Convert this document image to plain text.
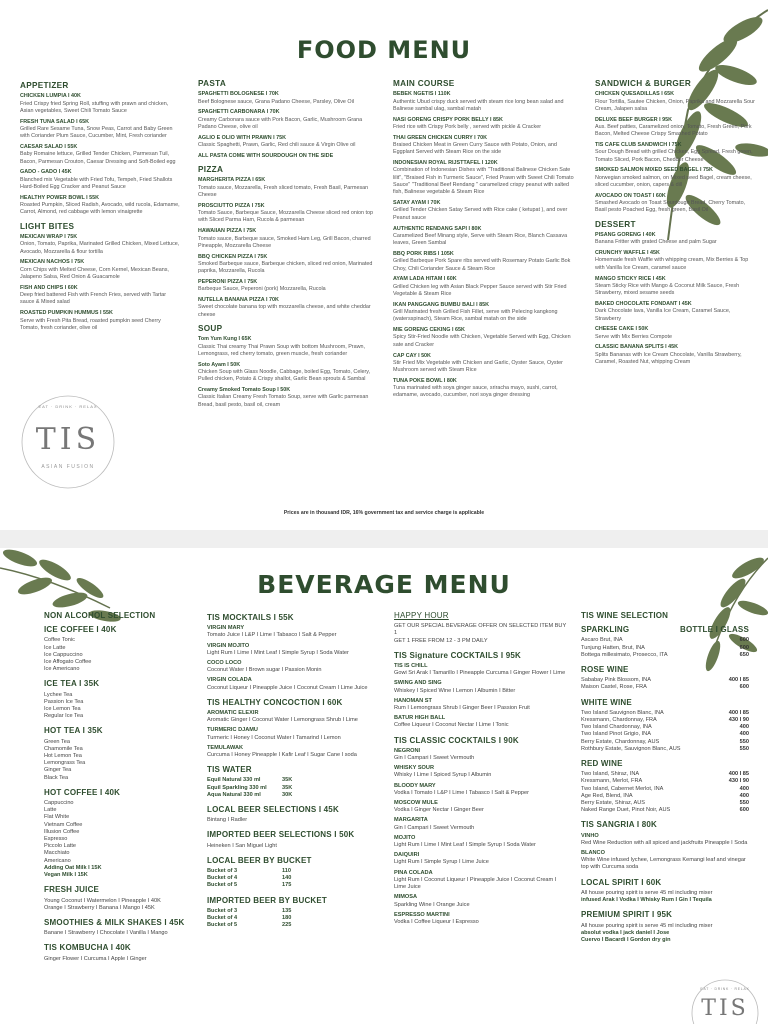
FOOD MENU
APPETIZER
CHICKEN LUMPIA I 40K
Fried Crispy fried Spring Roll, stuffing with prawn and chicken, Asian vegetables, Sweet Chili Tomato Sauce
FRESH TUNA SALAD I 65K
Grilled Rare Sesame Tuna, Snow Peas, Carrot and Baby Green with Coriander Plum Sauce, Cucumber, Mint, Fresh coriander
CAESAR SALAD I 55K
Baby Romaine lettuce, Grilled Tender Chicken, Parmesan Tuil, Bacon, Parmesan Crouton, Caesar Dressing and Soft-Boiled egg
GADO - GADO I 45K
Blanched mix Vegetable with Fried Tofu, Tempeh, Fried Shallots Hard-Boiled Egg Cracker and Peanut Sauce
HEALTHY POWER BOWL I 55K
Roasted Pumpkin, Sliced Radish, Avocado, wild rucola, Edamame, Carrot, Almond, red cabbage with lemon vinaigrette
LIGHT BITES
MEXICAN WRAP I 75K
Onion, Tomato, Paprika, Marinated Grilled Chicken, Mixed Lettuce, Avocado, Mozzarella & flour tortilla
MEXICAN NACHOS I 75K
Corn Chips with Melted Cheese, Corn Kernel, Mexican Beans, Jalapeno Salsa, Red Onion & Guacamole
FISH AND CHIPS I 60K
Deep fried battered Fish with French Fries, served with Tartar sauce & Mixed salad
ROASTED PUMPKIN HUMMUS I 55K
Serve with Fresh Pita Bread, roasted pumpkin seed Cherry Tomato, fresh coriander, olive oil
PASTA
SPAGHETTI BOLOGNESE I 70K
Beef Bolognese sauce, Grana Padano Cheese, Parsley, Olive Oil
SPAGHETTI CARBONARA I 70K
Creamy Carbonara sauce with Pork Bacon, Garlic, Mushroom Grana Padano Cheese, olive oil
AGLIO E OLIO WITH PRAWN I 75K
Classic Spaghetti, Prawn, Garlic, Red chili sauce & Virgin Olive oil
ALL PASTA COME WITH SOURDOUGH ON THE SIDE
PIZZA
MARGHERITA PIZZA I 65K
Tomato sauce, Mozzarella, Fresh sliced tomato, Fresh Basil, Parmesan Cheese
PROSCIUTTO PIZZA I 75K
Tomato Sauce, Barbeque Sauce, Mozzarella Cheese sliced red onion top with Sliced Parma Ham, Rucola & parmesan
HAWAIIAN PIZZA I 75K
Tomato sauce, Barbeque sauce, Smoked Ham Leg, Grill Bacon, charred Pineapple, Mozzarella Cheese
BBQ CHICKEN PIZZA I 75K
Smoked Barbeque sauce, Barbeque chicken, sliced red onion, Marinated paprika, Mozzarella, Rucola
PEPERONI PIZZA I 75K
Barbeque Sauce, Peperoni (pork) Mozzarella, Rucola
NUTELLA BANANA PIZZA I 70K
Sweet chocolate banana top with mozzarella cheese, and white cheddar cheese
SOUP
Tom Yum Kung I 65K
Classic Thai creamy Thai Prawn Soup with bottom Mushroom, Prawn, Lemongrass, red cherry tomato, green muscle, fresh coriander
Soto Ayam I 50K
Chicken Soup with Glass Noodle, Cabbage, boiled Egg, Tomato, Celery, Pulled chicken, Potato & Crispy shallot, Garlic Bean sprouts & Sambal
Creamy Smoked Tomato Soup I 50K
Classic Italian Creamy Fresh Tomato Soup, serve with Garlic parmesan Bread, basil pesto, basil oil, cream
MAIN COURSE
BEBEK NGETIS I 110K
Authentic Ubud crispy duck served with steam rice long bean salad and Balinese sambal ulag, sambal matah
NASI GORENG CRISPY PORK BELLY I 85K
Fried rice with Crispy Pork belly , served with pickle & Cracker
THAI GREEN CHICKEN CURRY I 70K
Braised Chicken Meat in Green Curry Sauce with Potato, Onion, and Eggplant Served with Steam Rice on the side
INDONESIAN ROYAL RIJSTTAFEL I 120K
Combination of Indonesian Dishes with "Traditional Balinese Chicken Sate lilit", "Braised Fish in Turmeric Sauce", Fried Prawn with Sweet Chili Tomato Sauce" "Traditional Beef Rendang " caramelized crispy peanut with salted fish, Balinese vegetable & Steam Rice
SATAY AYAM I 70K
Grilled Tender Chicken Satay Served with Rice cake ( ketupat ), and over Peanut sauce
AUTHENTIC RENDANG SAPI I 80K
Caramelized Beef Minang style, Serve with Steam Rice, Blanch Cassava leaves, Green Sambal
BBQ PORK RIBS I 105K
Grilled Barbeque Pork Spare ribs served with Rosemary Potato Garlic Bok Choy, Chili Coriander Sauce & Steam Rice
AYAM LADA HITAM I 60K
Grilled Chicken leg with Asian Black Pepper Sauce served with Stir Fried Vegetable & Steam Rice
IKAN PANGGANG BUMBU BALI I 85K
Grill Marinated fresh Grilled Fish Fillet, serve with Pelecing kangkong (watersspinach), Steam Rice, sambal matah on the side
MIE GORENG CEKING I 65K
Spicy Stir-Fried Noodle with Chicken, Vegetable Served with Egg, Chicken sate and Cracker
CAP CAY I 50K
Stir Fried Mix Vegetable with Chicken and Garlic, Oyster Sauce, Oyster Mushroom served with Steam Rice
TUNA POKE BOWL I 80K
Tuna marinated with soya ginger sauce, sriracha mayo, sushi, carrot, edamame, avocado, cucumber, nori soya ginger dressing
SANDWICH & BURGER
CHICKEN QUESADILLAS I 65K
Flour Tortilla, Sautee Chicken, Onion, Paprika and Mozzarella Sour Cream, Jalapen salsa
DELUXE BEEF BURGER I 95K
Aus. Beef patties, Caramelized onion, Tomato, Fresh Green, Pork Bacon, Melted Cheese Crispy Smashed Potato
TIS CAFE CLUB SANDWICH I 75K
Sour Dough Bread with grilled Chicken, Egg Spread, Fresh green, Tomato Sliced, Pork Bacon, Chedder Cheese
SMOKED SALMON MIXED SEED BAGEL I 75K
Norwegian smoked salmon, on Mixed seed Bagel, cream cheese, sliced cucumber, onion, capers & dill
AVOCADO ON TOAST I 60K
Smashed Avocado on Toast Sourdough Bread, Cherry Tomato, Basil pesto Poached Egg, fresh green, Basil Oil
DESSERT
PISANG GORENG I 40K
Banana Fritter with grated Cheese and palm Sugar
CRUNCHY WAFFLE I 45K
Homemade fresh Waffle with whipping cream, Mix Berries & Top with Vanilla Ice Cream, caramel sauce
MANGO STICKY RICE I 45K
Steam Sticky Rice with Mango & Coconut Milk Sauce, Fresh Strawberry, mixed sesame seeds
BAKED CHOCOLATE FONDANT I 45K
Dark Chocolate lava, Vanilla Ice Cream, Caramel Sauce, Strawberry
CHEESE CAKE I 50K
Serve with Mix Berries Compote
CLASSIC BANANA SPLITS I 45K
Splits Bananas with Ice Cream Chocolate, Vanilla Strawberry, Caramel, Roasted Nut, whipping Cream
EAT · DRINK · RELAX
TIS
ASIAN FUSION
Prices are in thousand IDR, 16% government tax and service charge is applicable
BEVERAGE MENU
NON ALCOHOL SELECTION
ICE COFFEE I 40K
Coffee Tonic
Ice Latte
Ice Cappuccino
Ice Affogato Coffee
Ice Americano
ICE TEA I 35K
Lychee Tea
Passion Ice Tea
Ice Lemon Tea
Regular Ice Tea
HOT TEA I 35K
Green Tea
Chamomile Tea
Hot Lemon Tea
Lemongrass Tea
Ginger Tea
Black Tea
HOT COFFEE I 40K
Cappuccino
Latte
Flat White
Vietnam Coffee
Illusion Coffee
Espresso
Piccolo Latte
Macchiato
Americano
Adding Oat Milk I 15K
Vegan Milk I 15K
FRESH JUICE
Young Coconut I Watermelon I Pineapple I 40K
Orange I Strawberry I Banana I Mango I 45K
SMOOTHIES & MILK SHAKES I 45K
Banane I Strawberry I Chocolate I Vanilla I Mango
TIS KOMBUCHA I 40K
Ginger Flower I Curcuma I Apple I Ginger
TIS MOCKTAILS I 55K
VIRGIN MARY
Tomato Juice I L&P I Lime I Tabasco I Salt & Pepper
VIRGIN MOJITO
Light Rum I Lime I Mint Leaf I Simple Syrup I Soda Water
COCO LOCO
Coconut Water I Brown sugar I Passion Monin
VIRGIN COLADA
Coconut Liqueur I Pineapple Juice I Coconut Cream I Lime Juice
TIS HEALTHY CONCOCTION I 60K
AROMATIC ELEXIR
Aromatic Ginger I Coconut Water I Lemongrass Shrub I Lime
TURMERIC DJAMU
Turmeric I Honey I Coconut Water I Tamarind I Lemon
TEMULAWAK
Curcuma I Honey Pineapple I Kafir Leaf I Sugar Cane I soda
TIS WATER
Equil Natural 330 ml	35K
Equil Sparkling 330 ml	35K
Aqua Natural 330 ml	30K
LOCAL BEER SELECTIONS I 45K
Bintang I Radler
IMPORTED BEER SELECTIONS I 50K
Heineken I San Miguel Light
LOCAL BEER BY BUCKET
Bucket of 3	110
Bucket of 4	140
Bucket of 5	175
IMPORTED BEER BY BUCKET
Bucket of 3	135
Bucket of 4	180
Bucket of 5	225
HAPPY HOUR
GET OUR SPECIAL BEVERAGE OFFER ON SELECTED ITEM BUY 1
GET 1 FREE FROM 12 - 3 PM DAILY
TIS Signature COCKTAILS I 95K
TIS IS CHILL
Gowi Sri Arak I Tamarillo I Pineapple Curcuma I Ginger Flower I Lime
SWING AND SING
Whiskey I Spiced Wine I Lemon I Albumin I Bitter
HANOMAN ST
Rum I Lemongrass Shrub I Ginger Beer I Passion Fruit
BATUR HIGH BALL
Coffee Liqueur I Coconut Nectar I Lime I Tonic
TIS CLASSIC COCKTAILS I 90K
NEGRONI
Gin I Campari I Sweet Vermouth
WHISKY SOUR
Whisky I Lime I Spiced Syrup I Albumin
BLOODY MARY
Vodka I Tomato I L&P I Lime I Tabasco I Salt & Pepper
MOSCOW MULE
Vodka I Ginger Nectar I Ginger Beer
MARGARITA
Gin I Campari I Sweet Vermouth
MOJITO
Light Rum I Lime I Mint Leaf I Simple Syrup I Soda Water
DAIQUIRI
Light Rum I Simple Syrup I Lime Juice
PINA COLADA
Light Rum I Coconut Liqueur I Pineapple Juice I Coconut Cream I Lime Juice
MIMOSA
Sparkling Wine I Orange Juice
ESPRESSO MARTINI
Vodka I Coffee Liqueur I Espresso
TIS WINE SELECTION
SPARKLING	BOTTLE I GLASS
Ascaro Brut, INA	600
Tunjung Hatten, Brut, INA	600
Bottega millesimato, Prosecco, ITA	650
ROSE WINE
Sababay Pink Blossom, INA	400 I 85
Maison Castel, Rose, FRA	600
WHITE WINE
Two Island Sauvignon Blanc, INA	400 I 85
Kressmann, Chardonnay, FRA	430 I 90
Two Island Chardonnay, INA	400
Two Island Pinot Grigio, INA	400
Berry Estate, Chardonnay, AUS	550
Rothbury Estate, Sauvignon Blanc, AUS	550
RED WINE
Two Island, Shiraz, INA	400 I 85
Kressmann, Merlot, FRA	430 I 90
Two Island, Cabernet Merlot, INA	400
Age Red, Blend, INA	400
Berry Estate, Shiraz, AUS	550
Naked Range Duet, Pinot Noir, AUS	600
TIS SANGRIA I 80K
VINHO
Red Wine Reduction with all spiced and jackfruits Pineapple I Soda
BLANCO
White Wine infused lychee, Lemongrass Kemangi leaf and vinegar top with Curcuma soda
LOCAL SPIRIT I 60K
All house pouring spirit is serve 45 ml including mixer
infused Arak I Vodka I Whisky Rum I Gin I Tequila
PREMIUM SPIRIT I 95K
All house pouring spirit is serve 45 ml including mixer
absolut vodka I jack daniel I Jose Cuervo I Bacardi I Gordon dry gin
EAT · DRINK · RELAX
TIS
